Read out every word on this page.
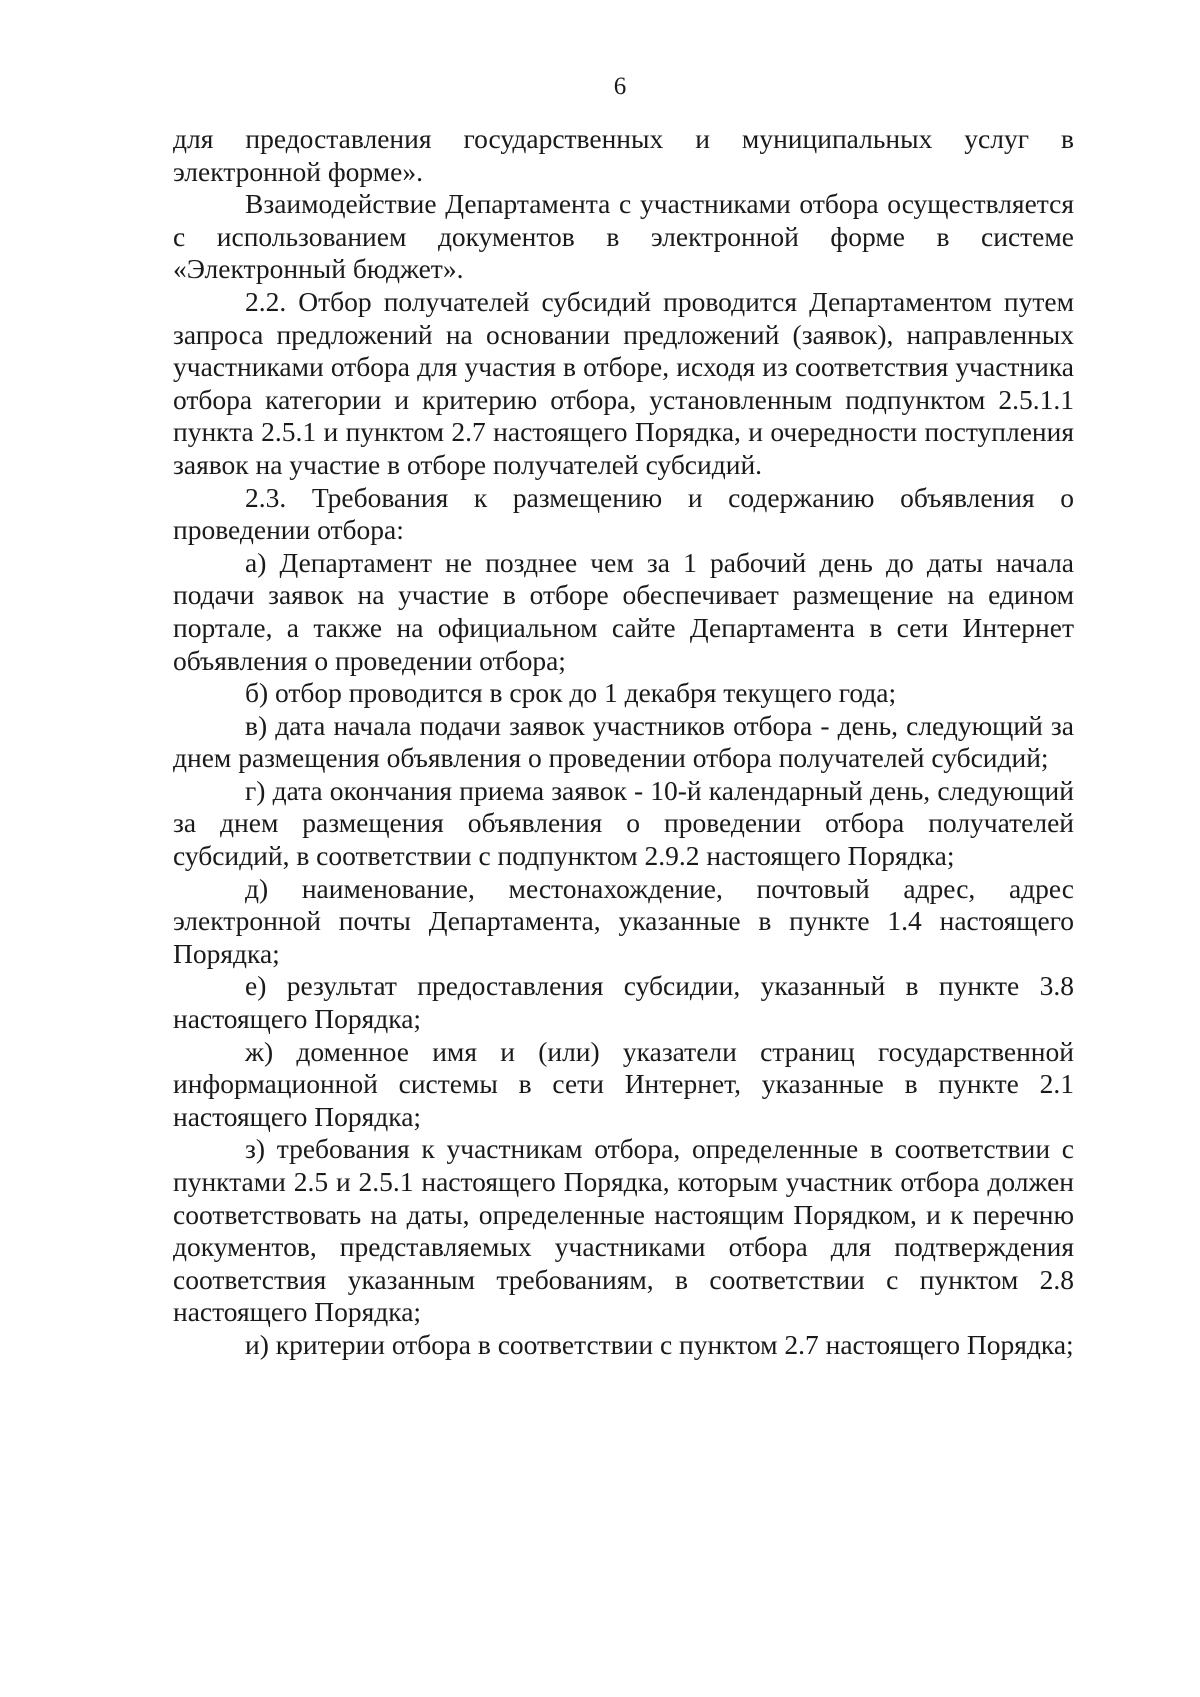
6

для предоставления государственных и муниципальных услуг в электронной форме».

Взаимодействие Департамента с участниками отбора осуществляется с использованием документов в электронной форме в системе «Электронный бюджет».

2.2. Отбор получателей субсидий проводится Департаментом путем запроса предложений на основании предложений (заявок), направленных участниками отбора для участия в отборе, исходя из соответствия участника отбора категории и критерию отбора, установленным подпунктом 2.5.1.1 пункта 2.5.1 и пунктом 2.7 настоящего Порядка, и очередности поступления заявок на участие в отборе получателей субсидий.

2.3. Требования к размещению и содержанию объявления о проведении отбора:

а) Департамент не позднее чем за 1 рабочий день до даты начала подачи заявок на участие в отборе обеспечивает размещение на едином портале, а также на официальном сайте Департамента в сети Интернет объявления о проведении отбора;

б) отбор проводится в срок до 1 декабря текущего года;

в) дата начала подачи заявок участников отбора - день, следующий за днем размещения объявления о проведении отбора получателей субсидий;

г) дата окончания приема заявок - 10-й календарный день, следующий за днем размещения объявления о проведении отбора получателей субсидий, в соответствии с подпунктом 2.9.2 настоящего Порядка;

д) наименование, местонахождение, почтовый адрес, адрес электронной почты Департамента, указанные в пункте 1.4 настоящего Порядка;

е) результат предоставления субсидии, указанный в пункте 3.8 настоящего Порядка;

ж) доменное имя и (или) указатели страниц государственной информационной системы в сети Интернет, указанные в пункте 2.1 настоящего Порядка;

з) требования к участникам отбора, определенные в соответствии с пунктами 2.5 и 2.5.1 настоящего Порядка, которым участник отбора должен соответствовать на даты, определенные настоящим Порядком, и к перечню документов, представляемых участниками отбора для подтверждения соответствия указанным требованиям, в соответствии с пунктом 2.8 настоящего Порядка;

и) критерии отбора в соответствии с пунктом 2.7 настоящего Порядка;
